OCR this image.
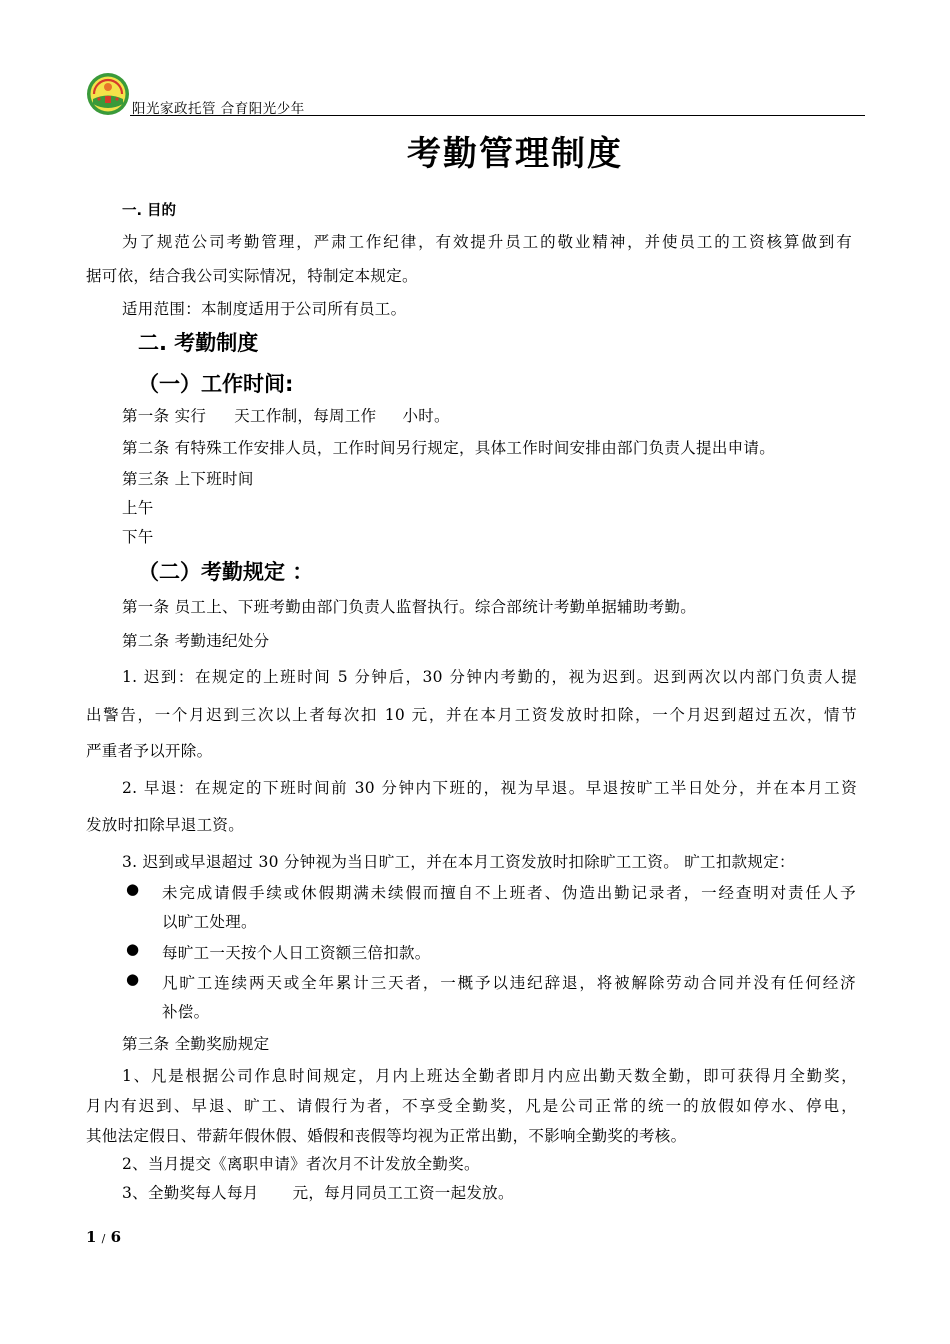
阳光家政托管 合育阳光少年
考勤管理制度
一. 目的
为了规范公司考勤管理，严肃工作纪律，有效提升员工的敬业精神，并使员工的工资核算做到有
据可依，结合我公司实际情况，特制定本规定。
适用范围：本制度适用于公司所有员工。
二. 考勤制度
（一）工作时间:
第一条 实行 天工作制，每周工作 小时。
第二条 有特殊工作安排人员，工作时间另行规定，具体工作时间安排由部门负责人提出申请。
第三条 上下班时间
上午
下午
（二）考勤规定 ：
第一条 员工上、下班考勤由部门负责人监督执行。综合部统计考勤单据辅助考勤。
第二条 考勤违纪处分
1. 迟到：在规定的上班时间 5 分钟后，30 分钟内考勤的，视为迟到。迟到两次以内部门负责人提
出警告，一个月迟到三次以上者每次扣 10 元，并在本月工资发放时扣除，一个月迟到超过五次，情节
严重者予以开除。
2. 早退：在规定的下班时间前 30 分钟内下班的，视为早退。早退按旷工半日处分，并在本月工资
发放时扣除早退工资。
3. 迟到或早退超过 30 分钟视为当日旷工，并在本月工资发放时扣除旷工工资。 旷工扣款规定：
● 未完成请假手续或休假期满未续假而擅自不上班者、伪造出勤记录者，一经查明对责任人予
以旷工处理。
● 每旷工一天按个人日工资额三倍扣款。
● 凡旷工连续两天或全年累计三天者，一概予以违纪辞退，将被解除劳动合同并没有任何经济
补偿。
第三条 全勤奖励规定
1、凡是根据公司作息时间规定，月内上班达全勤者即月内应出勤天数全勤，即可获得月全勤奖，
月内有迟到、早退、旷工、请假行为者，不享受全勤奖，凡是公司正常的统一的放假如停水、停电，
其他法定假日、带薪年假休假、婚假和丧假等均视为正常出勤，不影响全勤奖的考核。
2、当月提交《离职申请》者次月不计发放全勤奖。
3、全勤奖每人每月 元，每月同员工工资一起发放。
1 / 6
